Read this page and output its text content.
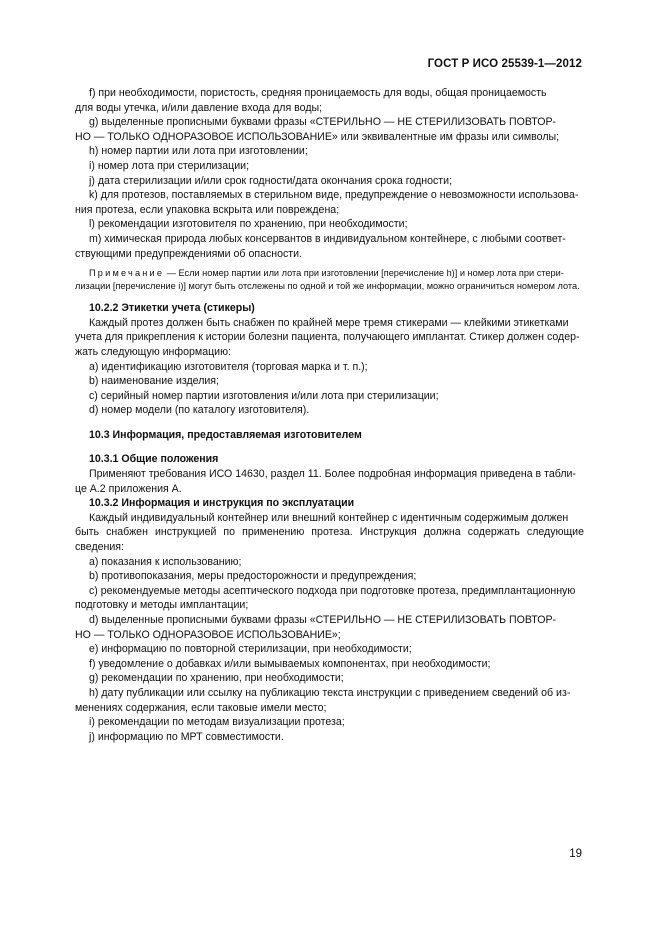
ГОСТ Р ИСО 25539-1—2012

f) при необходимости, пористость, средняя проницаемость для воды, общая проницаемость
для воды утечка, и/или давление входа для воды;

g) выделенные прописными буквами фразы «СТЕРИЛЬНО — НЕ СТЕРИЛИЗОВАТЬ ПОВТОР-
НО — ТОЛЬКО ОДНОРАЗОВОЕ ИСПОЛЬЗОВАНИЕ» или эквивалентные им фразы или символы;

h) номер партии или лота при изготовлении;

i) номер лота при стерилизации;

j) дата стерилизации и/или срок годности/дата окончания срока годности;

k) для протезов, поставляемых в стерильном виде, предупреждение о невозможности использова-
ния протеза, если упаковка вскрыта или повреждена;

l) рекомендации изготовителя по хранению, при необходимости;

m) химическая природа любых консервантов в индивидуальном контейнере, с любыми соответ-
ствующими предупреждениями об опасности.

Примечание — Если номер партии или лота при изготовлении [перечисление h)] и номер лота при стери-
лизации [перечисление i)] могут быть отслежены по одной и той же информации, можно ограничиться номером лота.

10.2.2 Этикетки учета (стикеры)

Каждый протез должен быть снабжен по крайней мере тремя стикерами — клейкими этикетками
учета для прикрепления к истории болезни пациента, получающего имплантат. Стикер должен содер-
жать следующую информацию:

a) идентификацию изготовителя (торговая марка и т. п.);

b) наименование изделия;

c) серийный номер партии изготовления и/или лота при стерилизации;

d) номер модели (по каталогу изготовителя).

10.3 Информация, предоставляемая изготовителем

10.3.1 Общие положения

Применяют требования ИСО 14630, раздел 11. Более подробная информация приведена в табли-
це А.2 приложения А.

10.3.2 Информация и инструкция по эксплуатации

Каждый индивидуальный контейнер или внешний контейнер с идентичным содержимым должен
быть снабжен инструкцией по применению протеза. Инструкция должна содержать следующие сведения:

a) показания к использованию;

b) противопоказания, меры предосторожности и предупреждения;

c) рекомендуемые методы асептического подхода при подготовке протеза, предимплантационную
подготовку и методы имплантации;

d) выделенные прописными буквами фразы «СТЕРИЛЬНО — НЕ СТЕРИЛИЗОВАТЬ ПОВТОР-
НО — ТОЛЬКО ОДНОРАЗОВОЕ ИСПОЛЬЗОВАНИЕ»;

e) информацию по повторной стерилизации, при необходимости;

f) уведомление о добавках и/или вымываемых компонентах, при необходимости;

g) рекомендации по хранению, при необходимости;

h) дату публикации или ссылку на публикацию текста инструкции с приведением сведений об из-
менениях содержания, если таковые имели место;

i) рекомендации по методам визуализации протеза;

j) информацию по МРТ совместимости.

19
